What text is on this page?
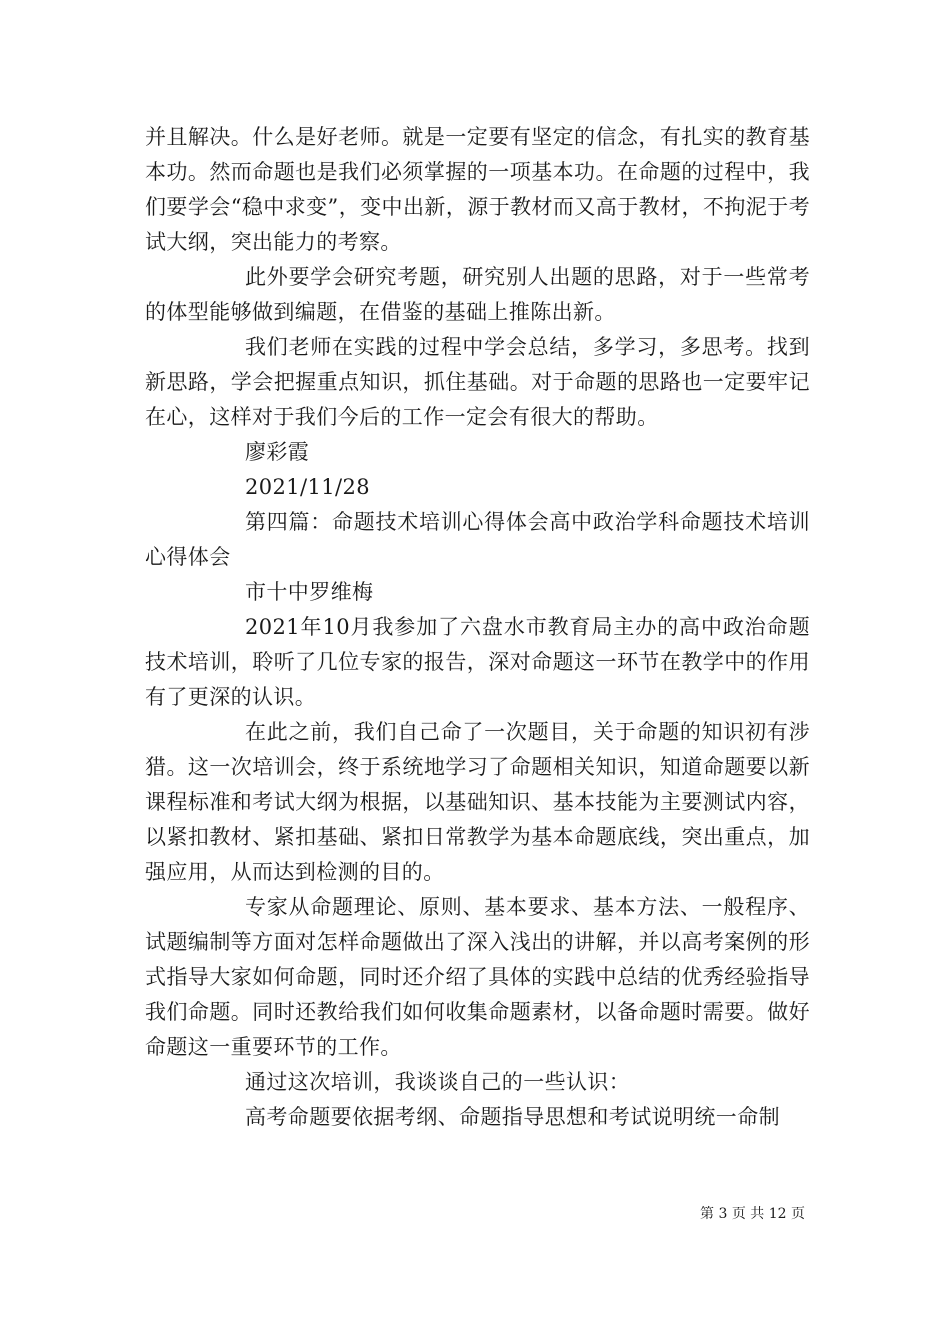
并且解决。什么是好老师。就是一定要有坚定的信念，有扎实的教育基本功。然而命题也是我们必须掌握的一项基本功。在命题的过程中，我们要学会“稳中求变”，变中出新，源于教材而又高于教材，不拘泥于考试大纲，突出能力的考察。

此外要学会研究考题，研究别人出题的思路，对于一些常考的体型能够做到编题，在借鉴的基础上推陈出新。

我们老师在实践的过程中学会总结，多学习，多思考。找到新思路，学会把握重点知识，抓住基础。对于命题的思路也一定要牢记在心，这样对于我们今后的工作一定会有很大的帮助。

廖彩霞

2021/11/28

第四篇：命题技术培训心得体会高中政治学科命题技术培训心得体会

市十中罗维梅

2021年10月我参加了六盘水市教育局主办的高中政治命题技术培训，聆听了几位专家的报告，深对命题这一环节在教学中的作用有了更深的认识。

在此之前，我们自己命了一次题目，关于命题的知识初有涉猎。这一次培训会，终于系统地学习了命题相关知识，知道命题要以新课程标准和考试大纲为根据，以基础知识、基本技能为主要测试内容，以紧扣教材、紧扣基础、紧扣日常教学为基本命题底线，突出重点，加强应用，从而达到检测的目的。

专家从命题理论、原则、基本要求、基本方法、一般程序、试题编制等方面对怎样命题做出了深入浅出的讲解，并以高考案例的形式指导大家如何命题，同时还介绍了具体的实践中总结的优秀经验指导我们命题。同时还教给我们如何收集命题素材，以备命题时需要。做好命题这一重要环节的工作。

通过这次培训，我谈谈自己的一些认识：

高考命题要依据考纲、命题指导思想和考试说明统一命制

第 3 页 共 12 页
